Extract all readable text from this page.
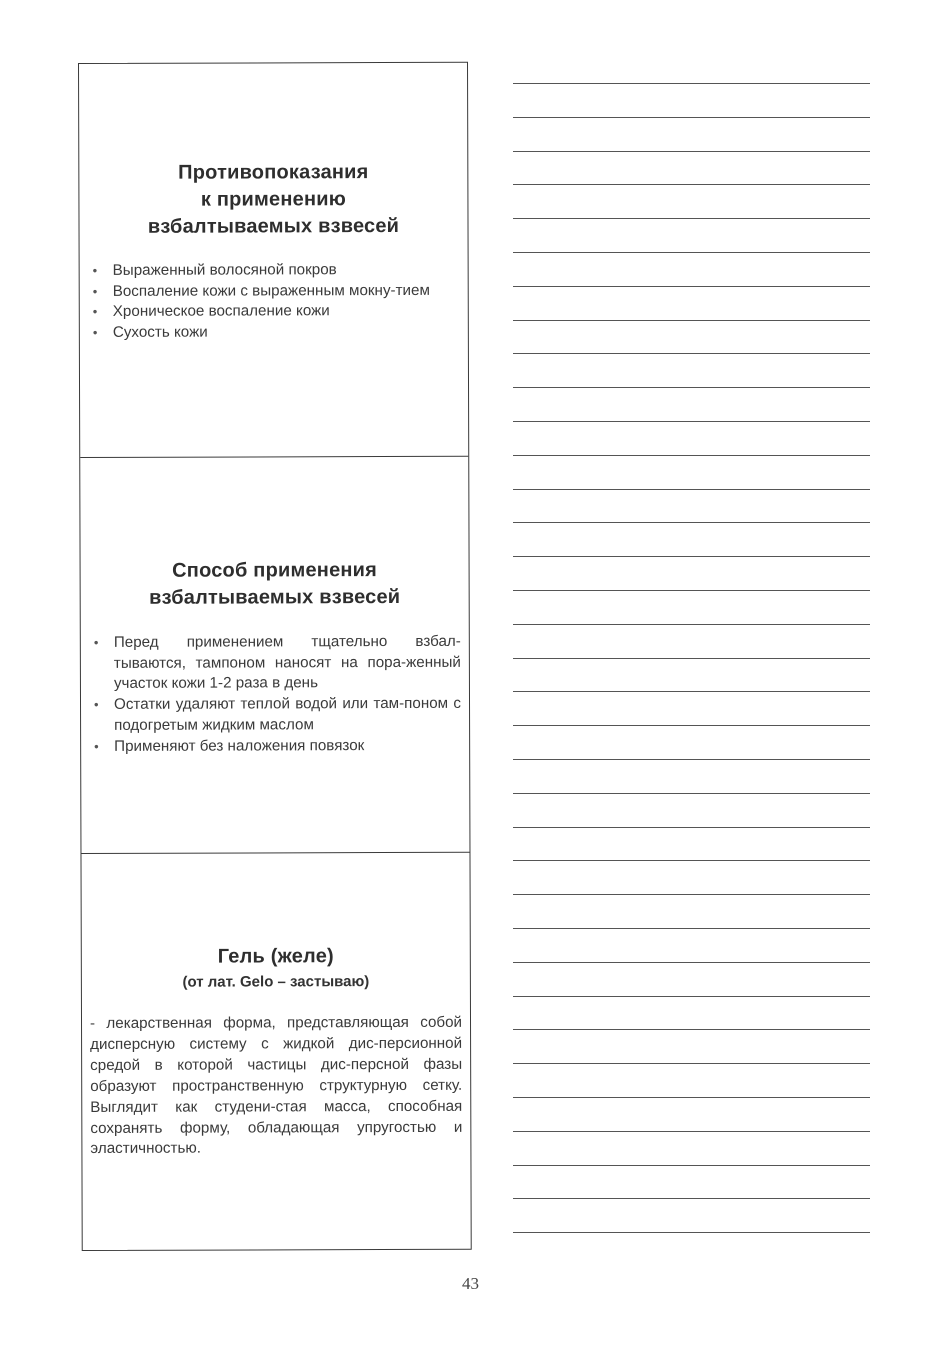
Противопоказания
к применению
взбалтываемых взвесей
• Выраженный волосяной покров
• Воспаление кожи с выраженным мокну-тием
• Хроническое воспаление кожи
• Сухость кожи
Способ применения
взбалтываемых взвесей
• Перед применением тщательно взбал-тываются, тампоном наносят на пора-женный участок кожи 1-2 раза в день
• Остатки удаляют теплой водой или там-поном с подогретым жидким маслом
• Применяют без наложения повязок
Гель (желе)
(от лат. Gelo – застываю)

- лекарственная форма, представляющая собой дисперсную систему с жидкой дис-персионной средой в которой частицы дис-персной фазы образуют пространственную структурную сетку. Выглядит как студени-стая масса, способная сохранять форму, обладающая упругостью и эластичностью.

43
